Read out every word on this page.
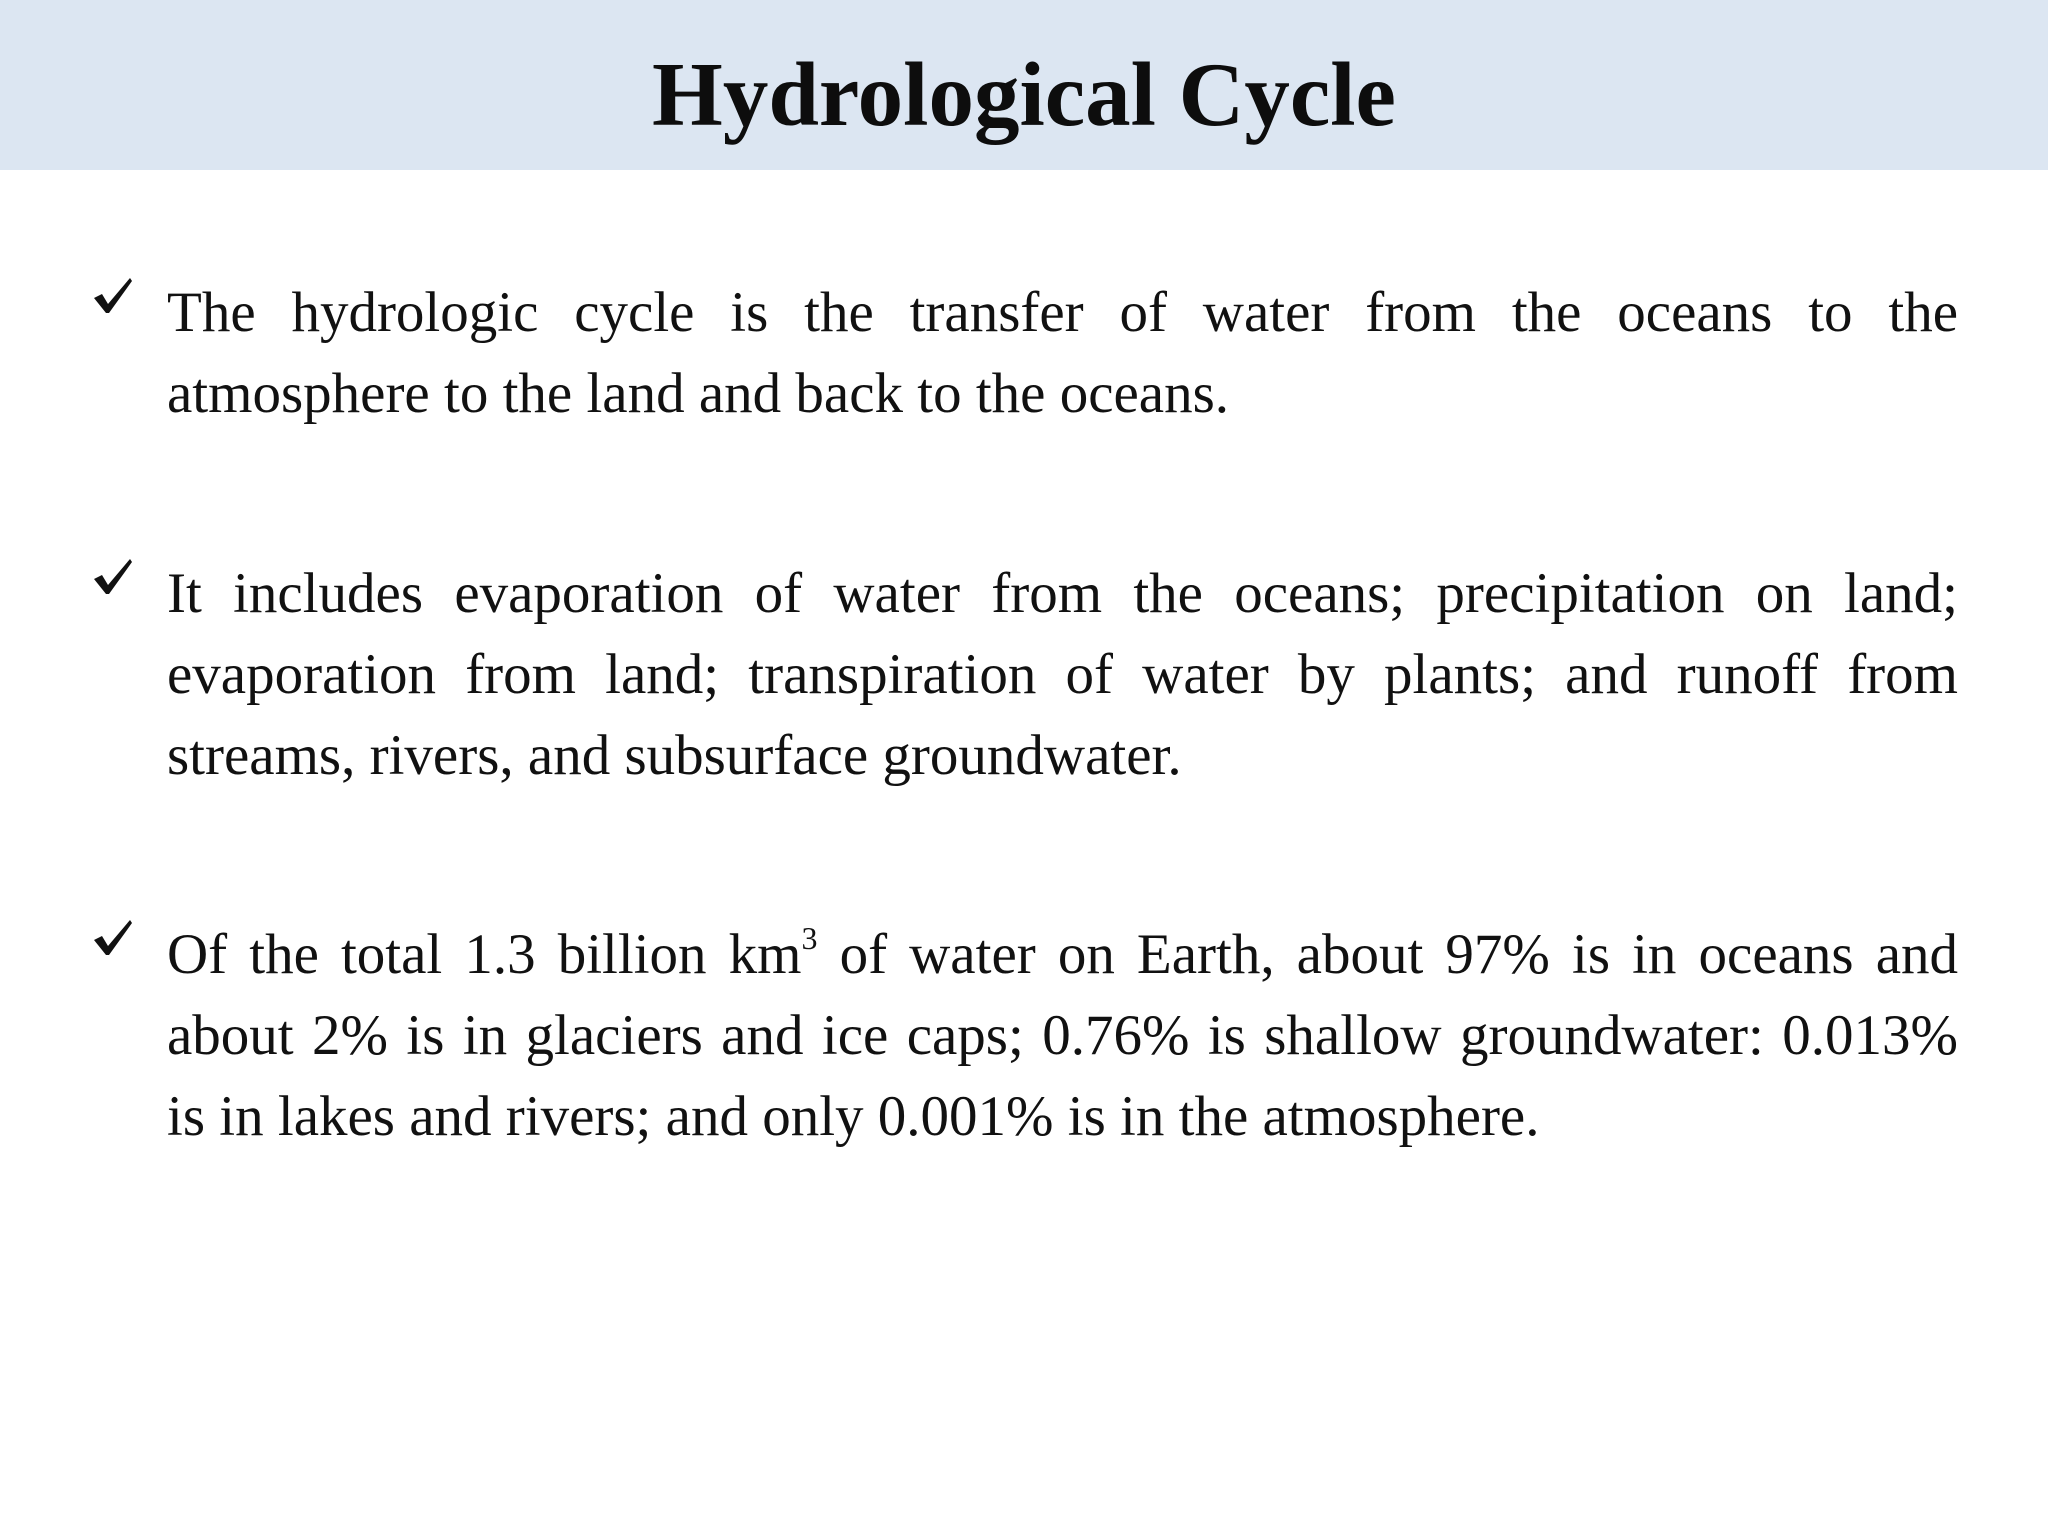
Hydrological Cycle

The hydrologic cycle is the transfer of water from the oceans to the atmosphere to the land and back to the oceans.

It includes evaporation of water from the oceans; precipitation on land; evaporation from land; transpiration of water by plants; and runoff from streams, rivers, and subsurface groundwater.

Of the total 1.3 billion $km^3$ of water on Earth, about 97% is in oceans and about 2% is in glaciers and ice caps; 0.76% is shallow groundwater: 0.013% is in lakes and rivers; and only 0.001% is in the atmosphere.
